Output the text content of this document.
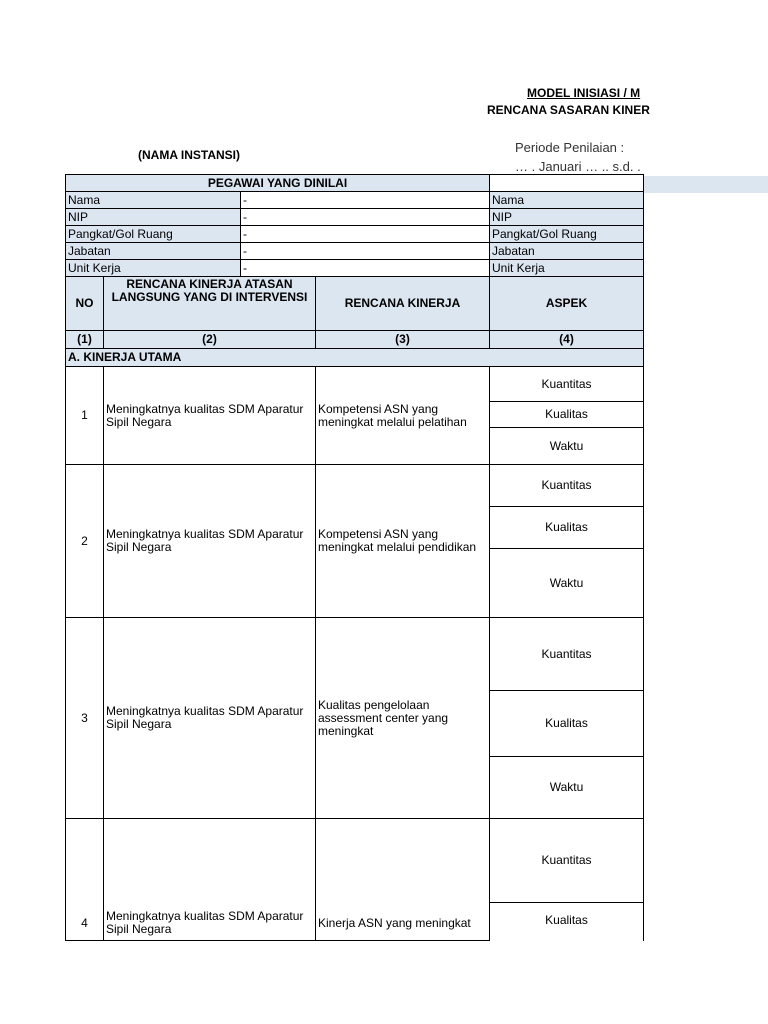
MODEL INISIASI / M
RENCANA SASARAN KINER
(NAMA INSTANSI)	Periode Penilaian :
… . Januari … .. s.d. .
PEGAWAI YANG DINILAI				
Nama		-		Nama
NIP		-		NIP
Pangkat/Gol Ruang		-		Pangkat/Gol Ruang
Jabatan		-		Jabatan
Unit Kerja		-		Unit Kerja
NO	RENCANA KINERJA ATASAN LANGSUNG YANG DI INTERVENSI		RENCANA KINERJA	ASPEK
(1)	(2)		(3)	(4)
A. KINERJA UTAMA				
1	Meningkatnya kualitas SDM Aparatur Sipil Negara		Kompetensi ASN yang meningkat melalui pelatihan	Kuantitas
				Kualitas
				Waktu
2	Meningkatnya kualitas SDM Aparatur Sipil Negara		Kompetensi ASN yang meningkat melalui pendidikan	Kuantitas
				Kualitas
				Waktu
3	Meningkatnya kualitas SDM Aparatur Sipil Negara		Kualitas pengelolaan assessment center yang meningkat	Kuantitas
				Kualitas
				Waktu
4	Meningkatnya kualitas SDM Aparatur Sipil Negara		Kinerja ASN yang meningkat	Kuantitas
				Kualitas
